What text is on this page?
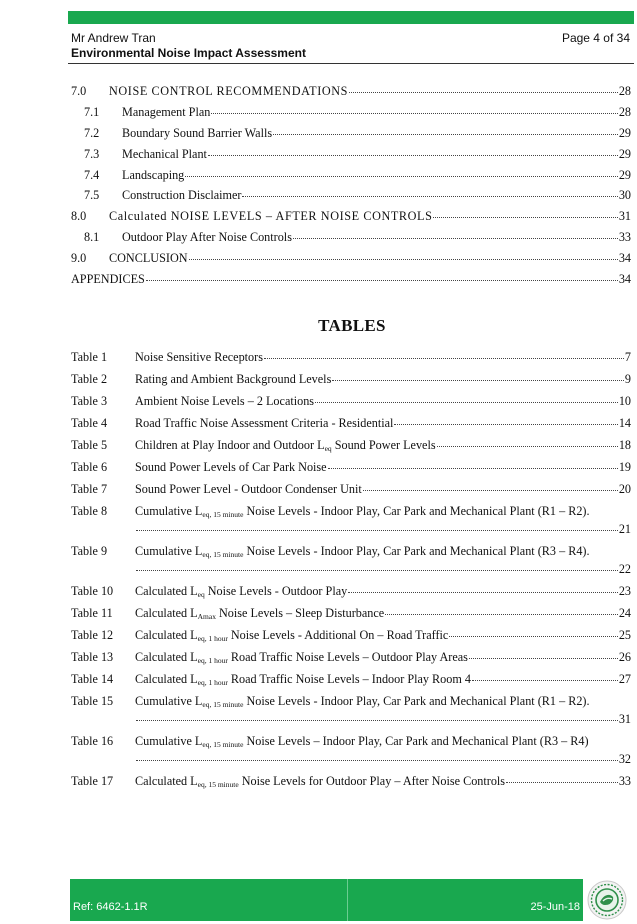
Mr Andrew Tran
Environmental Noise Impact Assessment
Page 4 of 34
7.0	NOISE CONTROL RECOMMENDATIONS	28
7.1	Management Plan	28
7.2	Boundary Sound Barrier Walls	29
7.3	Mechanical Plant	29
7.4	Landscaping	29
7.5	Construction Disclaimer	30
8.0	Calculated NOISE LEVELS – AFTER NOISE CONTROLS	31
8.1	Outdoor Play After Noise Controls	33
9.0	CONCLUSION	34
APPENDICES	34
TABLES
Table 1	Noise Sensitive Receptors	7
Table 2	Rating and Ambient Background Levels	9
Table 3	Ambient Noise Levels – 2 Locations	10
Table 4	Road Traffic Noise Assessment Criteria - Residential	14
Table 5	Children at Play Indoor and Outdoor $L_{eq}$ Sound Power Levels	18
Table 6	Sound Power Levels of Car Park Noise	19
Table 7	Sound Power Level - Outdoor Condenser Unit	20
Table 8	Cumulative $L_{eq, 15 minute}$ Noise Levels - Indoor Play, Car Park and Mechanical Plant (R1 – R2).
21
Table 9	Cumulative $L_{eq, 15 minute}$ Noise Levels - Indoor Play, Car Park and Mechanical Plant (R3 – R4).
22
Table 10	Calculated $L_{eq}$ Noise Levels - Outdoor Play	23
Table 11	Calculated $L_{Amax}$ Noise Levels – Sleep Disturbance	24
Table 12	Calculated $L_{eq, 1 hour}$ Noise Levels - Additional On – Road Traffic	25
Table 13	Calculated $L_{eq, 1 hour}$ Road Traffic Noise Levels – Outdoor Play Areas	26
Table 14	Calculated $L_{eq, 1 hour}$ Road Traffic Noise Levels – Indoor Play Room 4	27
Table 15	Cumulative $L_{eq, 15 minute}$ Noise Levels - Indoor Play, Car Park and Mechanical Plant (R1 – R2).
31
Table 16	Cumulative $L_{eq, 15 minute}$ Noise Levels – Indoor Play, Car Park and Mechanical Plant (R3 – R4)
32
Table 17	Calculated $L_{eq, 15 minute}$ Noise Levels for Outdoor Play – After Noise Controls	33
Ref: 6462-1.1R	25-Jun-18
